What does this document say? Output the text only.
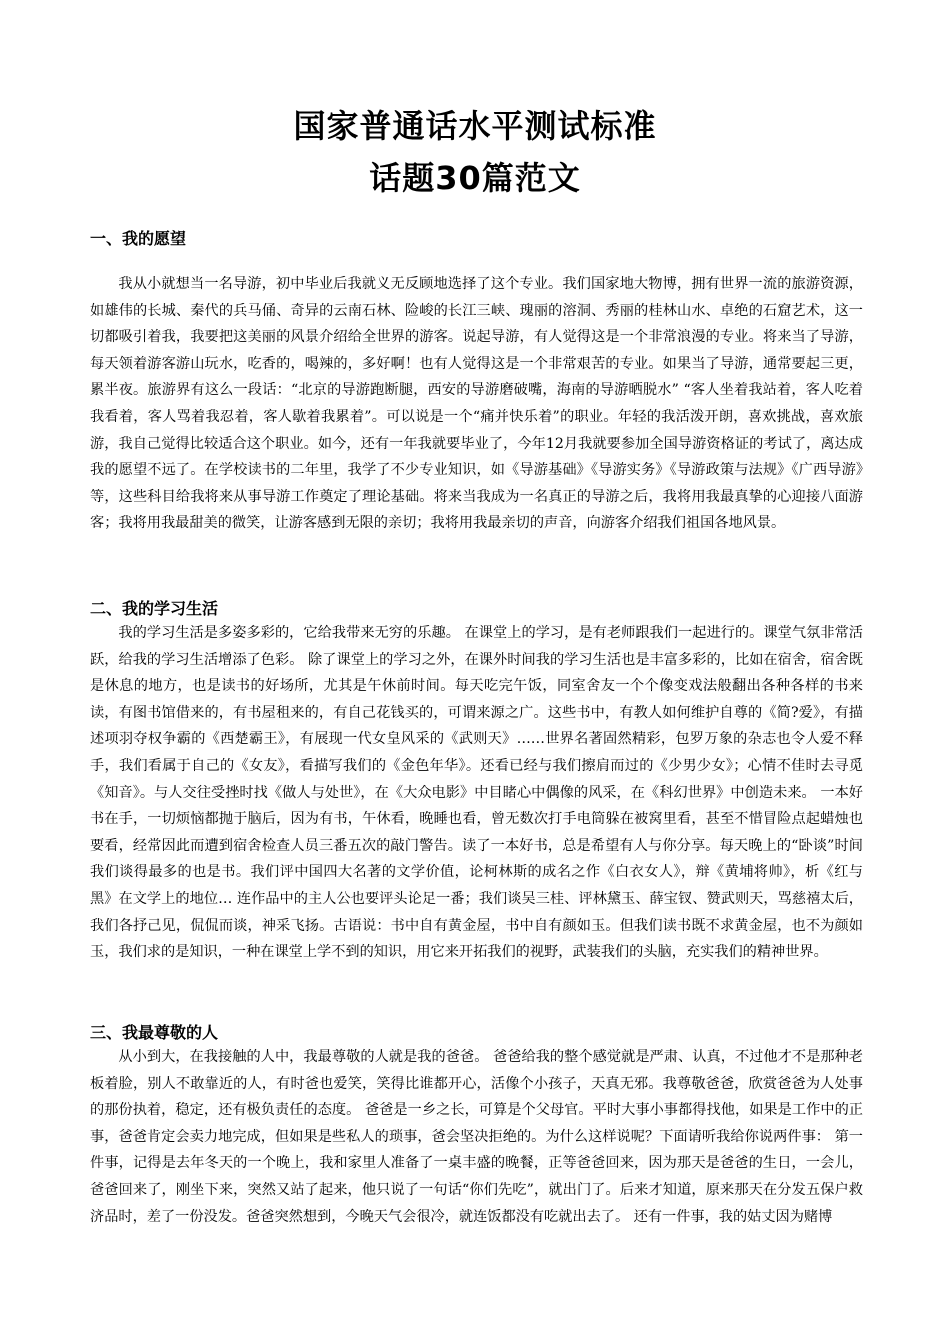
国家普通话水平测试标准
话题30篇范文
一、我的愿望

我从小就想当一名导游，初中毕业后我就义无反顾地选择了这个专业。我们国家地大物博，拥有世界一流的旅游资源，如雄伟的长城、秦代的兵马俑、奇异的云南石林、险峻的长江三峡、瑰丽的溶洞、秀丽的桂林山水、卓绝的石窟艺术，这一切都吸引着我，我要把这美丽的风景介绍给全世界的游客。说起导游，有人觉得这是一个非常浪漫的专业。将来当了导游，每天领着游客游山玩水，吃香的，喝辣的，多好啊！也有人觉得这是一个非常艰苦的专业。如果当了导游，通常要起三更，累半夜。旅游界有这么一段话：“北京的导游跑断腿，西安的导游磨破嘴，海南的导游晒脱水” “客人坐着我站着，客人吃着我看着，客人骂着我忍着，客人歇着我累着”。可以说是一个“痛并快乐着”的职业。年轻的我活泼开朗，喜欢挑战，喜欢旅游，我自己觉得比较适合这个职业。如今，还有一年我就要毕业了，今年12月我就要参加全国导游资格证的考试了，离达成我的愿望不远了。在学校读书的二年里，我学了不少专业知识，如《导游基础》《导游实务》《导游政策与法规》《广西导游》等，这些科目给我将来从事导游工作奠定了理论基础。将来当我成为一名真正的导游之后，我将用我最真挚的心迎接八面游客；我将用我最甜美的微笑，让游客感到无限的亲切；我将用我最亲切的声音，向游客介绍我们祖国各地风景。

二、我的学习生活

我的学习生活是多姿多彩的，它给我带来无穷的乐趣。 在课堂上的学习，是有老师跟我们一起进行的。课堂气氛非常活跃，给我的学习生活增添了色彩。 除了课堂上的学习之外，在课外时间我的学习生活也是丰富多彩的，比如在宿舍，宿舍既是休息的地方，也是读书的好场所，尤其是午休前时间。每天吃完午饭，同室舍友一个个像变戏法般翻出各种各样的书来读，有图书馆借来的，有书屋租来的，有自己花钱买的，可谓来源之广。这些书中，有教人如何维护自尊的《简?爱》，有描述项羽夺权争霸的《西楚霸王》，有展现一代女皇风采的《武则天》……世界名著固然精彩，包罗万象的杂志也令人爱不释手，我们看属于自己的《女友》，看描写我们的《金色年华》。还看已经与我们擦肩而过的《少男少女》；心情不佳时去寻觅《知音》。与人交往受挫时找《做人与处世》，在《大众电影》中目睹心中偶像的风采，在《科幻世界》中创造未来。 一本好书在手，一切烦恼都抛于脑后，因为有书，午休看，晚睡也看，曾无数次打手电筒躲在被窝里看，甚至不惜冒险点起蜡烛也要看，经常因此而遭到宿舍检查人员三番五次的敲门警告。读了一本好书，总是希望有人与你分享。每天晚上的“卧谈”时间我们谈得最多的也是书。我们评中国四大名著的文学价值，论柯林斯的成名之作《白衣女人》，辩《黄埔将帅》，析《红与黑》在文学上的地位… 连作品中的主人公也要评头论足一番；我们谈吴三桂、评林黛玉、薛宝钗、赞武则天，骂慈禧太后，我们各抒己见，侃侃而谈，神采飞扬。古语说：书中自有黄金屋，书中自有颜如玉。但我们读书既不求黄金屋，也不为颜如玉，我们求的是知识，一种在课堂上学不到的知识，用它来开拓我们的视野，武装我们的头脑，充实我们的精神世界。

三、我最尊敬的人

从小到大，在我接触的人中，我最尊敬的人就是我的爸爸。 爸爸给我的整个感觉就是严肃、认真，不过他才不是那种老板着脸，别人不敢靠近的人，有时爸也爱笑，笑得比谁都开心，活像个小孩子，天真无邪。我尊敬爸爸，欣赏爸爸为人处事的那份执着，稳定，还有极负责任的态度。 爸爸是一乡之长，可算是个父母官。平时大事小事都得找他，如果是工作中的正事，爸爸肯定会卖力地完成，但如果是些私人的琐事，爸会坚决拒绝的。为什么这样说呢？下面请听我给你说两件事： 第一件事，记得是去年冬天的一个晚上，我和家里人准备了一桌丰盛的晚餐，正等爸爸回来，因为那天是爸爸的生日，一会儿，爸爸回来了，刚坐下来，突然又站了起来，他只说了一句话“你们先吃”，就出门了。后来才知道，原来那天在分发五保户救济品时，差了一份没发。爸爸突然想到，今晚天气会很冷，就连饭都没有吃就出去了。 还有一件事，我的姑丈因为赌博
